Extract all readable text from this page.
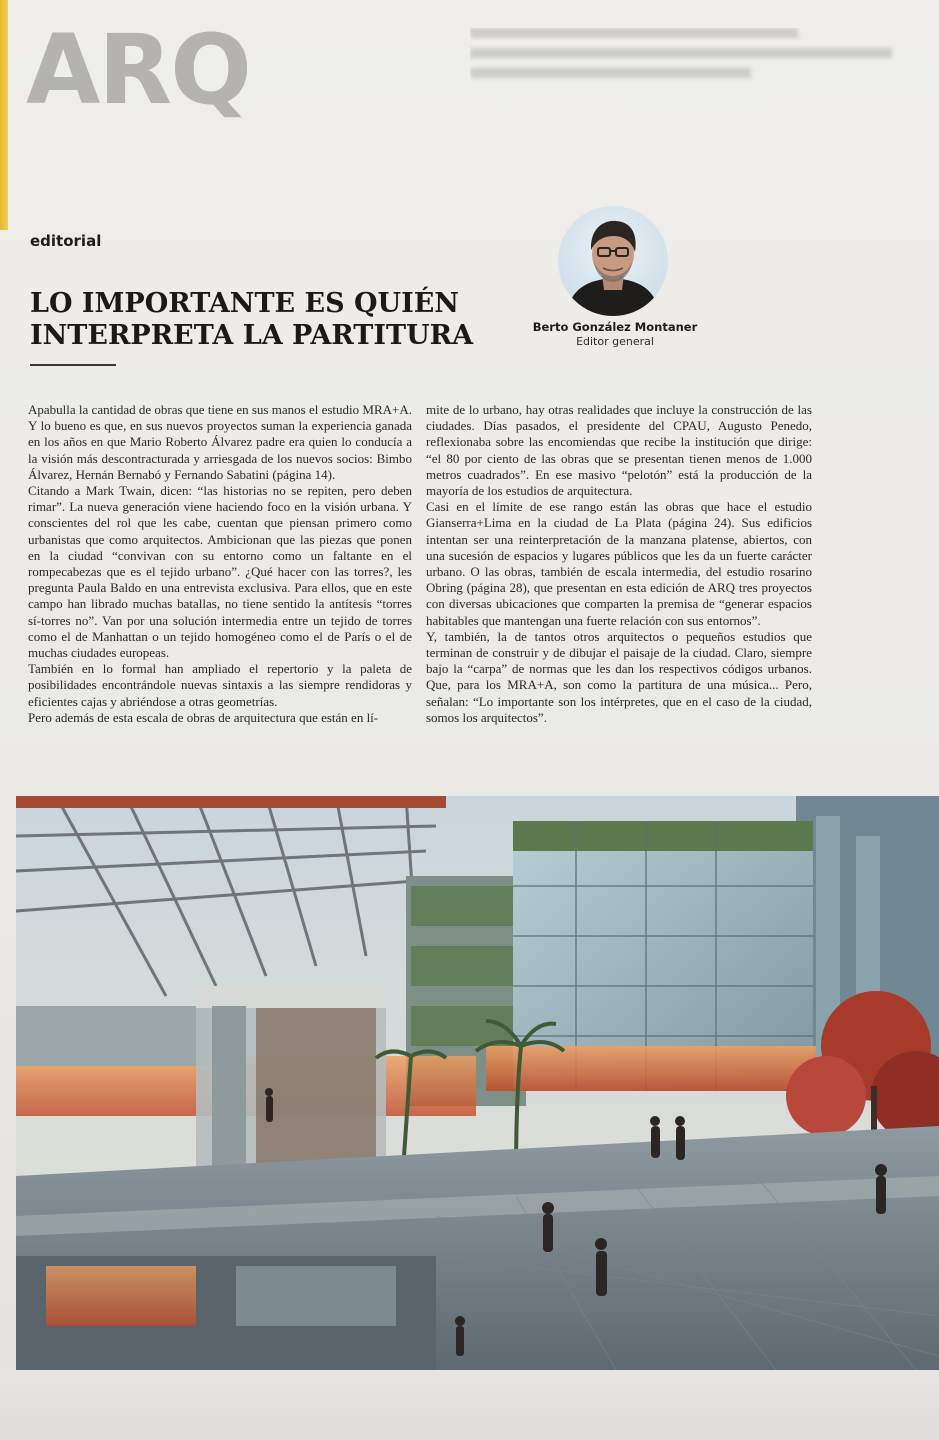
ARQ
editorial
LO IMPORTANTE ES QUIÉN
INTERPRETA LA PARTITURA	Berto González Montaner
Editor general

Apabulla la cantidad de obras que tiene en sus manos el estudio MRA+A. Y lo bueno es que, en sus nuevos proyectos suman la experiencia ganada en los años en que Mario Roberto Álvarez padre era quien lo conducía a la visión más descontracturada y arriesgada de los nuevos socios: Bimbo Álvarez, Hernán Bernabó y Fernando Sabatini (página 14).

Citando a Mark Twain, dicen: “las historias no se repiten, pero deben rimar”. La nueva generación viene haciendo foco en la visión urbana. Y conscientes del rol que les cabe, cuentan que piensan primero como urbanistas que como arquitectos. Ambicionan que las piezas que ponen en la ciudad “convivan con su entorno como un faltante en el rompecabezas que es el tejido urbano”. ¿Qué hacer con las torres?, les pregunta Paula Baldo en una entrevista exclusiva. Para ellos, que en este campo han librado muchas batallas, no tiene sentido la antítesis “torres sí-torres no”. Van por una solución intermedia entre un tejido de torres como el de Manhattan o un tejido homogéneo como el de París o el de muchas ciudades europeas.

También en lo formal han ampliado el repertorio y la paleta de posibilidades encontrándole nuevas sintaxis a las siempre rendidoras y eficientes cajas y abriéndose a otras geometrías.

Pero además de esta escala de obras de arquitectura que están en lí-

mite de lo urbano, hay otras realidades que incluye la construcción de las ciudades. Días pasados, el presidente del CPAU, Augusto Penedo, reflexionaba sobre las encomiendas que recibe la institución que dirige: “el 80 por ciento de las obras que se presentan tienen menos de 1.000 metros cuadrados”. En ese masivo “pelotón” está la producción de la mayoría de los estudios de arquitectura.

Casi en el límite de ese rango están las obras que hace el estudio Gianserra+Lima en la ciudad de La Plata (página 24). Sus edificios intentan ser una reinterpretación de la manzana platense, abiertos, con una sucesión de espacios y lugares públicos que les da un fuerte carácter urbano. O las obras, también de escala intermedia, del estudio rosarino Obring (página 28), que presentan en esta edición de ARQ tres proyectos con diversas ubicaciones que comparten la premisa de “generar espacios habitables que mantengan una fuerte relación con sus entornos”.

Y, también, la de tantos otros arquitectos o pequeños estudios que terminan de construir y de dibujar el paisaje de la ciudad. Claro, siempre bajo la “carpa” de normas que les dan los respectivos códigos urbanos. Que, para los MRA+A, son como la partitura de una música... Pero, señalan: “Lo importante son los intérpretes, que en el caso de la ciudad, somos los arquitectos”.
